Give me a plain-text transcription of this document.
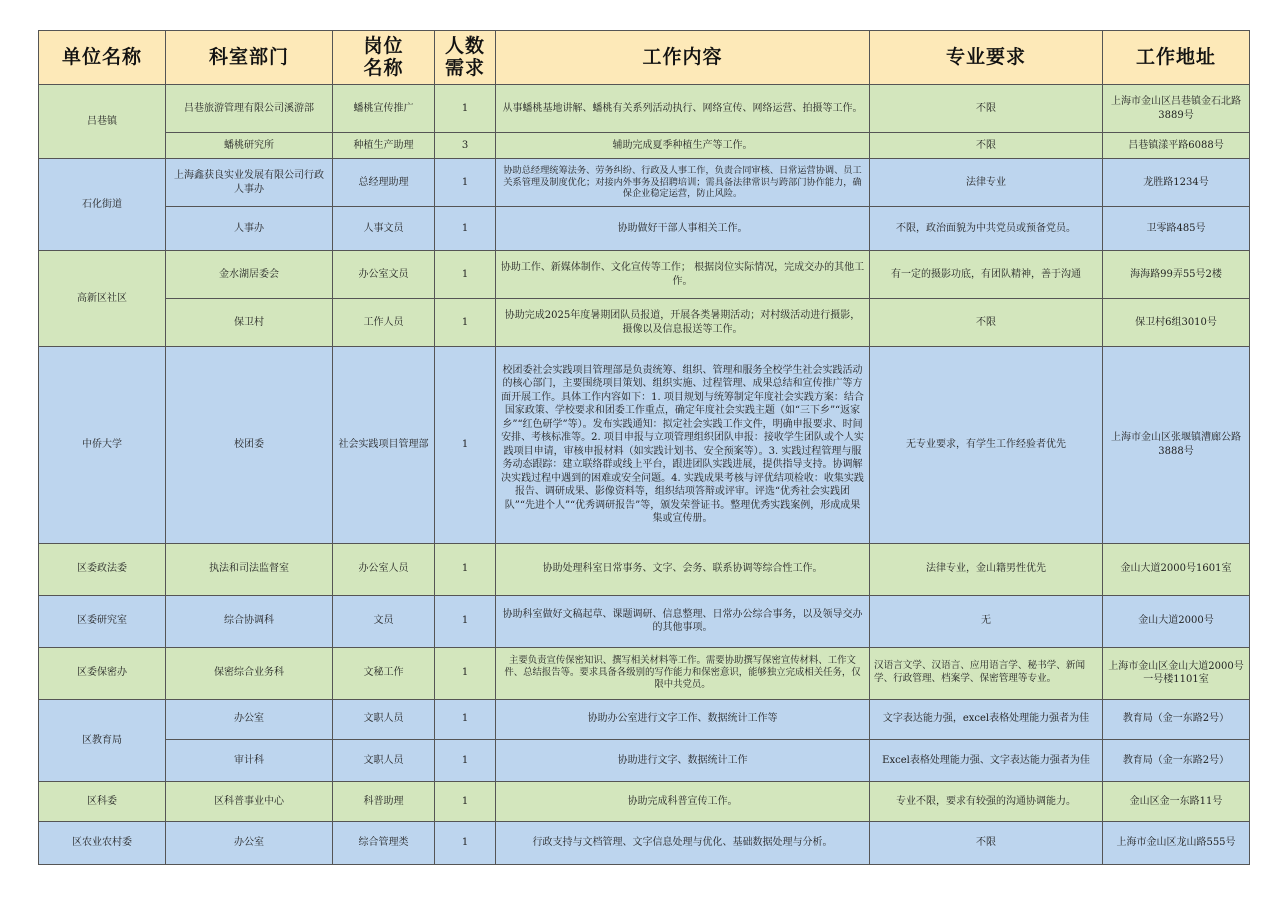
单位名称	科室部门	岗位名称	人数需求	工作内容	专业要求	工作地址
吕巷镇	吕巷旅游管理有限公司溪游部	蟠桃宣传推广	1	从事蟠桃基地讲解、蟠桃有关系列活动执行、网络宣传、网络运营、拍摄等工作。	不限	上海市金山区吕巷镇金石北路3889号
	蟠桃研究所	种植生产助理	3	辅助完成夏季种植生产等工作。	不限	吕巷镇漾平路6088号
石化街道	上海鑫获良实业发展有限公司行政人事办	总经理助理	1	协助总经理统筹法务、劳务纠纷、行政及人事工作，负责合同审核、日常运营协调、员工关系管理及制度优化；对接内外事务及招聘培训；需具备法律常识与跨部门协作能力，确保企业稳定运营，防止风险。	法律专业	龙胜路1234号
	人事办	人事文员	1	协助做好干部人事相关工作。	不限，政治面貌为中共党员或预备党员。	卫零路485号
高新区社区	金水湖居委会	办公室文员	1	协助工作、新媒体制作、文化宣传等工作； 根据岗位实际情况，完成交办的其他工作。	有一定的摄影功底，有团队精神，善于沟通	海海路99弄55号2楼
	保卫村	工作人员	1	协助完成2025年度暑期团队员报道，开展各类暑期活动；对村级活动进行摄影，摄像以及信息报送等工作。	不限	保卫村6组3010号
中侨大学	校团委	社会实践项目管理部	1	校团委社会实践项目管理部是负责统筹、组织、管理和服务全校学生社会实践活动的核心部门，主要围绕项目策划、组织实施、过程管理、成果总结和宣传推广等方面开展工作。具体工作内容如下：1. 项目规划与统筹制定年度社会实践方案：结合国家政策、学校要求和团委工作重点，确定年度社会实践主题（如“三下乡”“返家乡”“红色研学”等）。发布实践通知：拟定社会实践工作文件，明确申报要求、时间安排、考核标准等。2. 项目申报与立项管理组织团队申报：接收学生团队或个人实践项目申请，审核申报材料（如实践计划书、安全预案等）。3. 实践过程管理与服务动态跟踪：建立联络群或线上平台，跟进团队实践进展，提供指导支持。协调解决实践过程中遇到的困难或安全问题。4. 实践成果考核与评优结项检收：收集实践报告、调研成果、影像资料等，组织结项答辩或评审。评选“优秀社会实践团队”“先进个人”“优秀调研报告”等，颁发荣誉证书。整理优秀实践案例，形成成果集或宣传册。	无专业要求，有学生工作经验者优先	上海市金山区张堰镇漕廊公路3888号
区委政法委	执法和司法监督室	办公室人员	1	协助处理科室日常事务、文字、会务、联系协调等综合性工作。	法律专业，金山籍男性优先	金山大道2000号1601室
区委研究室	综合协调科	文员	1	协助科室做好文稿起草、课题调研、信息整理、日常办公综合事务，以及领导交办的其他事项。	无	金山大道2000号
区委保密办	保密综合业务科	文秘工作	1	主要负责宣传保密知识、撰写相关材料等工作。需要协助撰写保密宣传材料、工作文件、总结报告等。要求具备各级别的写作能力和保密意识，能够独立完成相关任务，仅限中共党员。	汉语言文学、汉语言、应用语言学、秘书学、新闻学、行政管理、档案学、保密管理等专业。	上海市金山区金山大道2000号一号楼1101室
区教育局	办公室	文职人员	1	协助办公室进行文字工作、数据统计工作等	文字表达能力强，excel表格处理能力强者为佳	教育局（金一东路2号）
	审计科	文职人员	1	协助进行文字、数据统计工作	Excel表格处理能力强、文字表达能力强者为佳	教育局（金一东路2号）
区科委	区科普事业中心	科普助理	1	协助完成科普宣传工作。	专业不限，要求有较强的沟通协调能力。	金山区金一东路11号
区农业农村委	办公室	综合管理类	1	行政支持与文档管理、文字信息处理与优化、基础数据处理与分析。	不限	上海市金山区龙山路555号
